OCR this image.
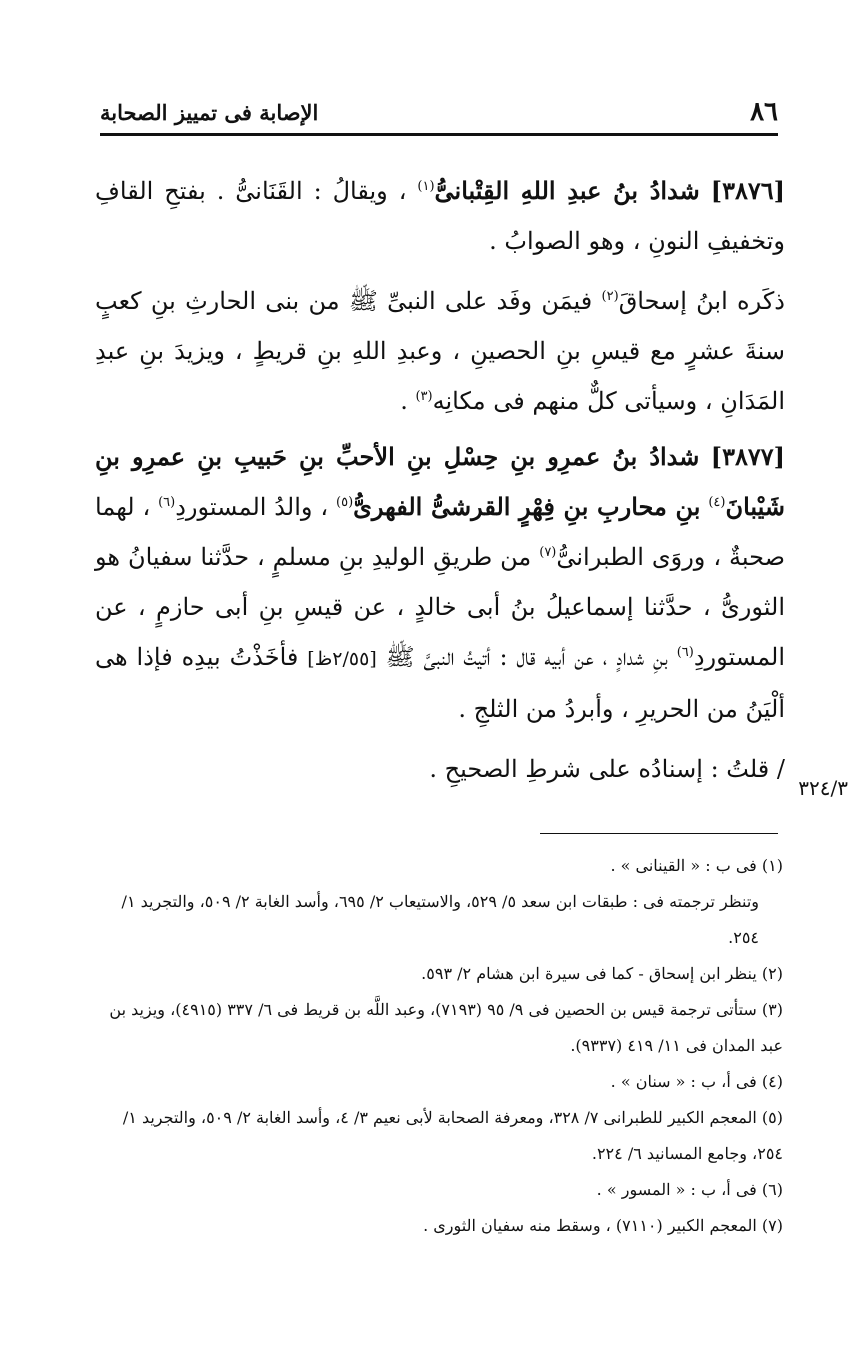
٨٦
الإصابة فى تمييز الصحابة

[٣٨٧٦] شدادُ بنُ عبدِ اللهِ القِتْبانىُّ$^{(١)}$ ، ويقالُ : القَنَانىُّ . بفتحِ القافِ وتخفيفِ النونِ ، وهو الصوابُ .

ذكَره ابنُ إسحاقَ$^{(٢)}$ فيمَن وفَد على النبىِّ ﷺ من بنى الحارثِ بنِ كعبٍ سنةَ عشرٍ مع قيسِ بنِ الحصينِ ، وعبدِ اللهِ بنِ قريطٍ ، ويزيدَ بنِ عبدِ المَدَانِ ، وسيأتى كلٌّ منهم فى مكانِه$^{(٣)}$ .

[٣٨٧٧] شدادُ بنُ عمرِو بنِ حِسْلِ بنِ الأحبِّ بنِ حَبيبِ بنِ عمرِو بنِ شَيْبانَ$^{(٤)}$ بنِ محاربِ بنِ فِهْرٍ القرشىُّ الفهرىُّ$^{(٥)}$ ، والدُ المستوردِ$^{(٦)}$ ، لهما صحبةٌ ، وروَى الطبرانىُّ$^{(٧)}$ من طريقِ الوليدِ بنِ مسلمٍ ، حدَّثنا سفيانُ هو الثورىُّ ، حدَّثنا إسماعيلُ بنُ أبى خالدٍ ، عن قيسِ بنِ أبى حازمٍ ، عن المستوردِ$^{(٦)}$ بنِ شدادٍ ، عن أبيه قال : أتيتُ النبىَّ ﷺ [٢/٥٥ظ] فأخَذْتُ بيدِه فإذا هى ألْيَنُ من الحريرِ ، وأبردُ من الثلجِ .

/ قلتُ : إسنادُه على شرطِ الصحيحِ .

٣٢٤/٣

(١) فى ب : « القينانى » .

وتنظر ترجمته فى : طبقات ابن سعد ٥/ ٥٢٩، والاستيعاب ٢/ ٦٩٥، وأسد الغابة ٢/ ٥٠٩، والتجريد ١/ ٢٥٤.

(٢) ينظر ابن إسحاق - كما فى سيرة ابن هشام ٢/ ٥٩٣.

(٣) ستأتى ترجمة قيس بن الحصين فى ٩/ ٩٥ (٧١٩٣)، وعبد اللَّه بن قريط فى ٦/ ٣٣٧ (٤٩١٥)، ويزيد بن عبد المدان فى ١١/ ٤١٩ (٩٣٣٧).

(٤) فى أ، ب : « سنان » .

(٥) المعجم الكبير للطبرانى ٧/ ٣٢٨، ومعرفة الصحابة لأبى نعيم ٣/ ٤، وأسد الغابة ٢/ ٥٠٩، والتجريد ١/ ٢٥٤، وجامع المسانيد ٦/ ٢٢٤.

(٦) فى أ، ب : « المسور » .

(٧) المعجم الكبير (٧١١٠) ، وسقط منه سفيان الثورى .
